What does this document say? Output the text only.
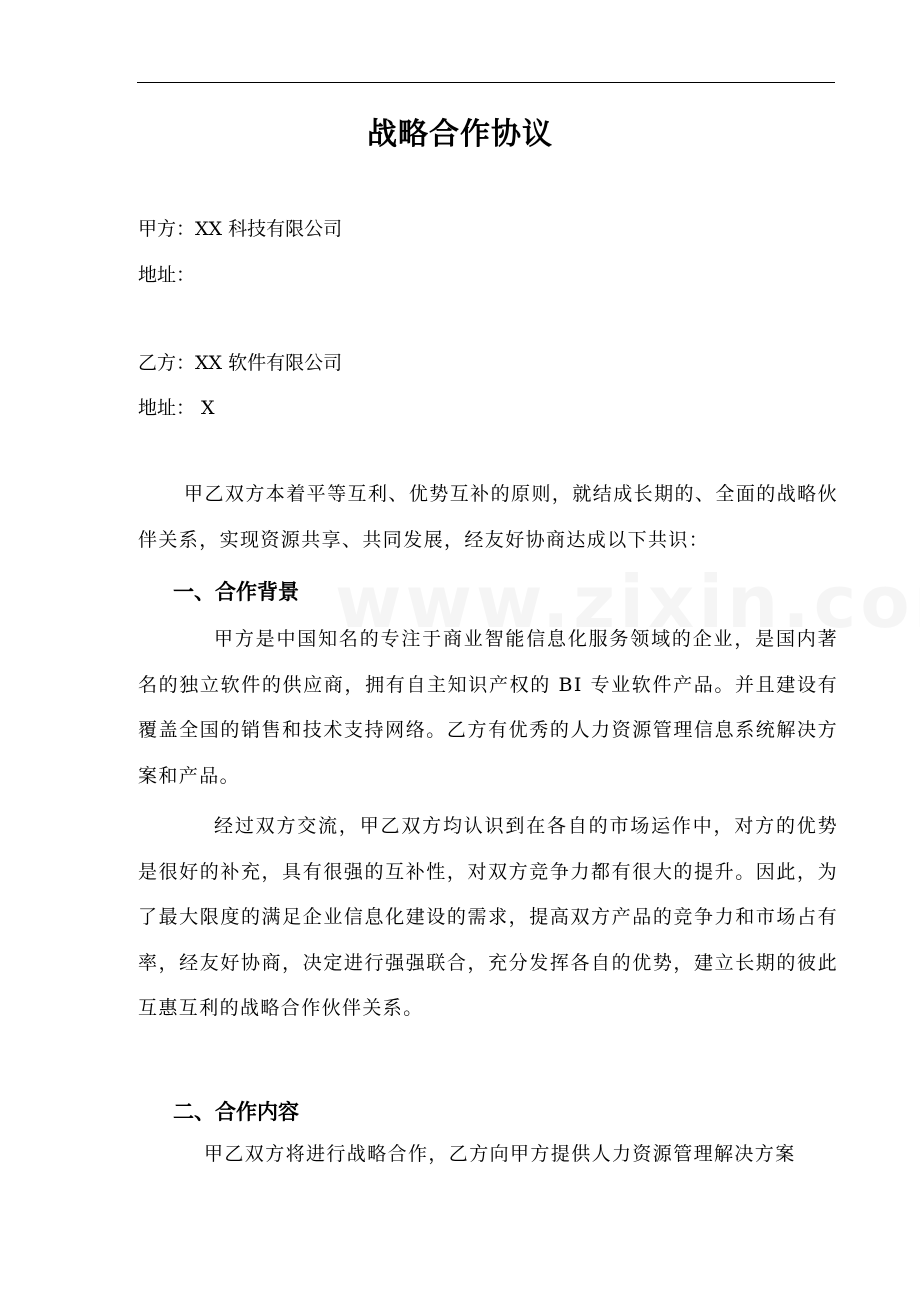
战略合作协议
甲方：XX 科技有限公司
地址：
乙方：XX 软件有限公司
地址： X
甲乙双方本着平等互利、优势互补的原则，就结成长期的、全面的战略伙伴关系，实现资源共享、共同发展，经友好协商达成以下共识：
一、合作背景
甲方是中国知名的专注于商业智能信息化服务领域的企业，是国内著名的独立软件的供应商，拥有自主知识产权的 BI 专业软件产品。并且建设有覆盖全国的销售和技术支持网络。乙方有优秀的人力资源管理信息系统解决方案和产品。
经过双方交流，甲乙双方均认识到在各自的市场运作中，对方的优势是很好的补充，具有很强的互补性，对双方竞争力都有很大的提升。因此，为了最大限度的满足企业信息化建设的需求，提高双方产品的竞争力和市场占有率，经友好协商，决定进行强强联合，充分发挥各自的优势，建立长期的彼此互惠互利的战略合作伙伴关系。
二、合作内容
甲乙双方将进行战略合作，乙方向甲方提供人力资源管理解决方案
